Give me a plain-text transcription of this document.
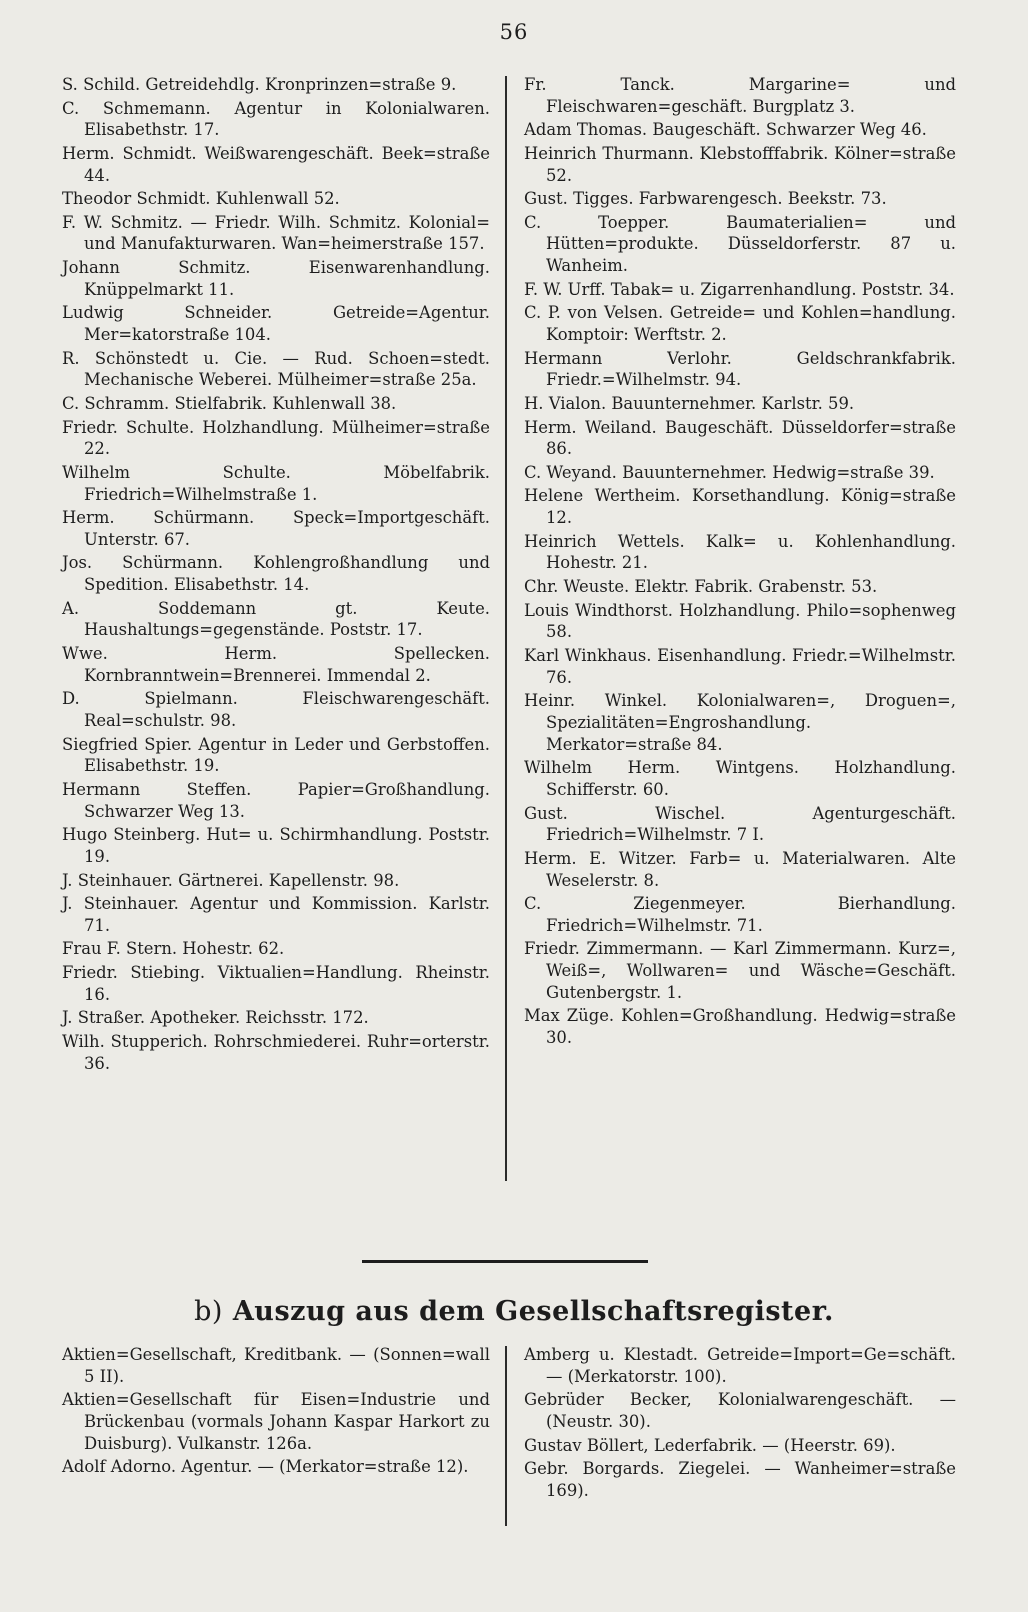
56
S. Schild. Getreidehdlg. Kronprinzen=straße 9.
C. Schmemann. Agentur in Kolonialwaren. Elisabethstr. 17.
Herm. Schmidt. Weißwarengeschäft. Beek=straße 44.
Theodor Schmidt. Kuhlenwall 52.
F. W. Schmitz. — Friedr. Wilh. Schmitz. Kolonial= und Manufakturwaren. Wan=heimerstraße 157.
Johann Schmitz. Eisenwarenhandlung. Knüppelmarkt 11.
Ludwig Schneider. Getreide=Agentur. Mer=katorstraße 104.
R. Schönstedt u. Cie. — Rud. Schoen=stedt. Mechanische Weberei. Mülheimer=straße 25a.
C. Schramm. Stielfabrik. Kuhlenwall 38.
Friedr. Schulte. Holzhandlung. Mülheimer=straße 22.
Wilhelm Schulte. Möbelfabrik. Friedrich=Wilhelmstraße 1.
Herm. Schürmann. Speck=Importgeschäft. Unterstr. 67.
Jos. Schürmann. Kohlengroßhandlung und Spedition. Elisabethstr. 14.
A. Soddemann gt. Keute. Haushaltungs=gegenstände. Poststr. 17.
Wwe. Herm. Spellecken. Kornbranntwein=Brennerei. Immendal 2.
D. Spielmann. Fleischwarengeschäft. Real=schulstr. 98.
Siegfried Spier. Agentur in Leder und Gerbstoffen. Elisabethstr. 19.
Hermann Steffen. Papier=Großhandlung. Schwarzer Weg 13.
Hugo Steinberg. Hut= u. Schirmhandlung. Poststr. 19.
J. Steinhauer. Gärtnerei. Kapellenstr. 98.
J. Steinhauer. Agentur und Kommission. Karlstr. 71.
Frau F. Stern. Hohestr. 62.
Friedr. Stiebing. Viktualien=Handlung. Rheinstr. 16.
J. Straßer. Apotheker. Reichsstr. 172.
Wilh. Stupperich. Rohrschmiederei. Ruhr=orterstr. 36.
Fr. Tanck. Margarine= und Fleischwaren=geschäft. Burgplatz 3.
Adam Thomas. Baugeschäft. Schwarzer Weg 46.
Heinrich Thurmann. Klebstofffabrik. Kölner=straße 52.
Gust. Tigges. Farbwarengesch. Beekstr. 73.
C. Toepper. Baumaterialien= und Hütten=produkte. Düsseldorferstr. 87 u. Wanheim.
F. W. Urff. Tabak= u. Zigarrenhandlung. Poststr. 34.
C. P. von Velsen. Getreide= und Kohlen=handlung. Komptoir: Werftstr. 2.
Hermann Verlohr. Geldschrankfabrik. Friedr.=Wilhelmstr. 94.
H. Vialon. Bauunternehmer. Karlstr. 59.
Herm. Weiland. Baugeschäft. Düsseldorfer=straße 86.
C. Weyand. Bauunternehmer. Hedwig=straße 39.
Helene Wertheim. Korsethandlung. König=straße 12.
Heinrich Wettels. Kalk= u. Kohlenhandlung. Hohestr. 21.
Chr. Weuste. Elektr. Fabrik. Grabenstr. 53.
Louis Windthorst. Holzhandlung. Philo=sophenweg 58.
Karl Winkhaus. Eisenhandlung. Friedr.=Wilhelmstr. 76.
Heinr. Winkel. Kolonialwaren=, Droguen=, Spezialitäten=Engroshandlung. Merkator=straße 84.
Wilhelm Herm. Wintgens. Holzhandlung. Schifferstr. 60.
Gust. Wischel. Agenturgeschäft. Friedrich=Wilhelmstr. 7 I.
Herm. E. Witzer. Farb= u. Materialwaren. Alte Weselerstr. 8.
C. Ziegenmeyer. Bierhandlung. Friedrich=Wilhelmstr. 71.
Friedr. Zimmermann. — Karl Zimmermann. Kurz=, Weiß=, Wollwaren= und Wäsche=Geschäft. Gutenbergstr. 1.
Max Züge. Kohlen=Großhandlung. Hedwig=straße 30.
b) Auszug aus dem Gesellschaftsregister.
Aktien=Gesellschaft, Kreditbank. — (Sonnen=wall 5 II).
Aktien=Gesellschaft für Eisen=Industrie und Brückenbau (vormals Johann Kaspar Harkort zu Duisburg). Vulkanstr. 126a.
Adolf Adorno. Agentur. — (Merkator=straße 12).
Amberg u. Klestadt. Getreide=Import=Ge=schäft. — (Merkatorstr. 100).
Gebrüder Becker, Kolonialwarengeschäft. — (Neustr. 30).
Gustav Böllert, Lederfabrik. — (Heerstr. 69).
Gebr. Borgards. Ziegelei. — Wanheimer=straße 169).
